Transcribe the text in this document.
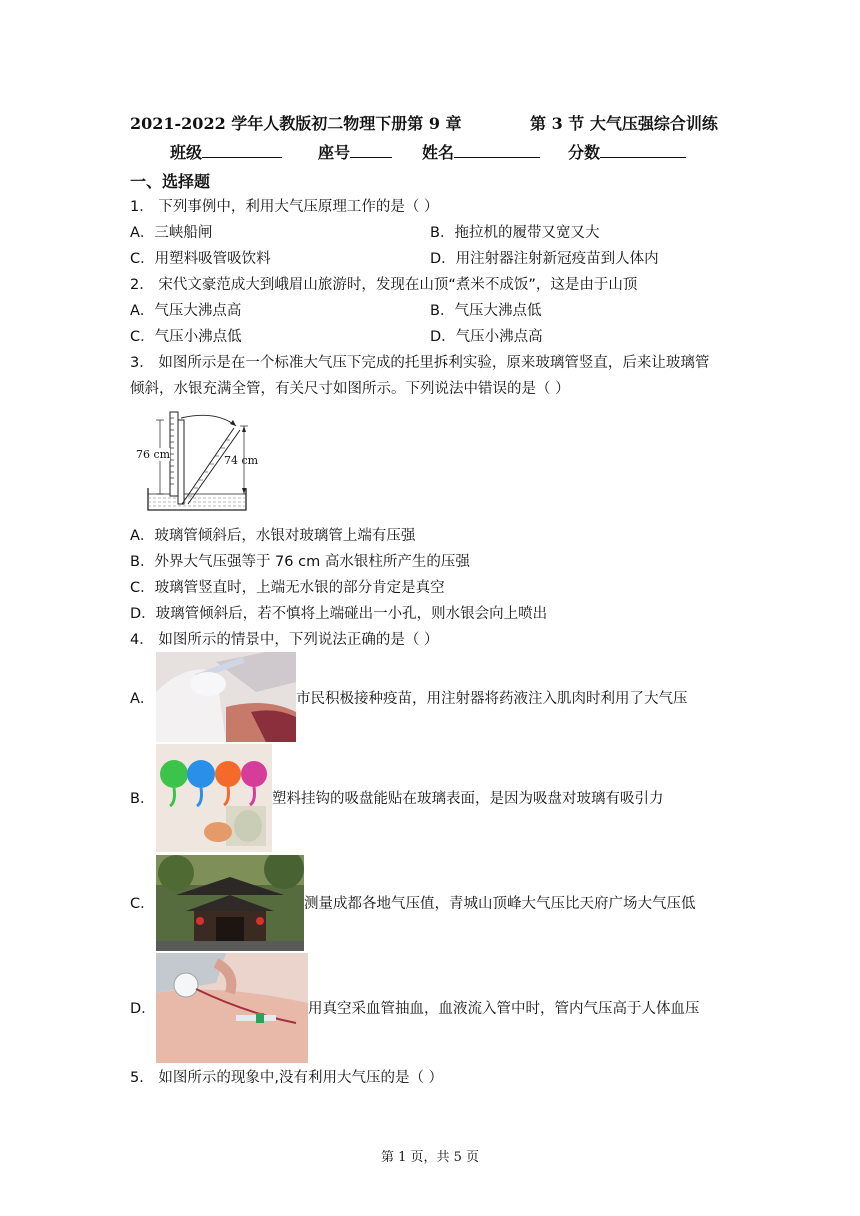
2021-2022 学年人教版初二物理下册第 9 章	第 3 节 大气压强综合训练
班级	座号	姓名	分数
一、选择题
1． 下列事例中，利用大气压原理工作的是（ ）
A．三峡船闸	B．拖拉机的履带又宽又大
C．用塑料吸管吸饮料	D．用注射器注射新冠疫苗到人体内
2． 宋代文豪范成大到峨眉山旅游时，发现在山顶“煮米不成饭”，这是由于山顶
A．气压大沸点高	B．气压大沸点低
C．气压小沸点低	D．气压小沸点高
3． 如图所示是在一个标准大气压下完成的托里拆利实验，原来玻璃管竖直，后来让玻璃管
倾斜，水银充满全管，有关尺寸如图所示。下列说法中错误的是（ ）
76 cm	74 cm
A．玻璃管倾斜后，水银对玻璃管上端有压强
B．外界大气压强等于 76 cm 高水银柱所产生的压强
C．玻璃管竖直时，上端无水银的部分肯定是真空
D．玻璃管倾斜后，若不慎将上端碰出一小孔，则水银会向上喷出
4． 如图所示的情景中，下列说法正确的是（ ）
A．	市民积极接种疫苗，用注射器将药液注入肌肉时利用了大气压
B．	塑料挂钩的吸盘能贴在玻璃表面，是因为吸盘对玻璃有吸引力
C．	测量成都各地气压值，青城山顶峰大气压比天府广场大气压低
D．	用真空采血管抽血，血液流入管中时，管内气压高于人体血压
5． 如图所示的现象中,没有利用大气压的是（ ）
第 1 页，共 5 页
